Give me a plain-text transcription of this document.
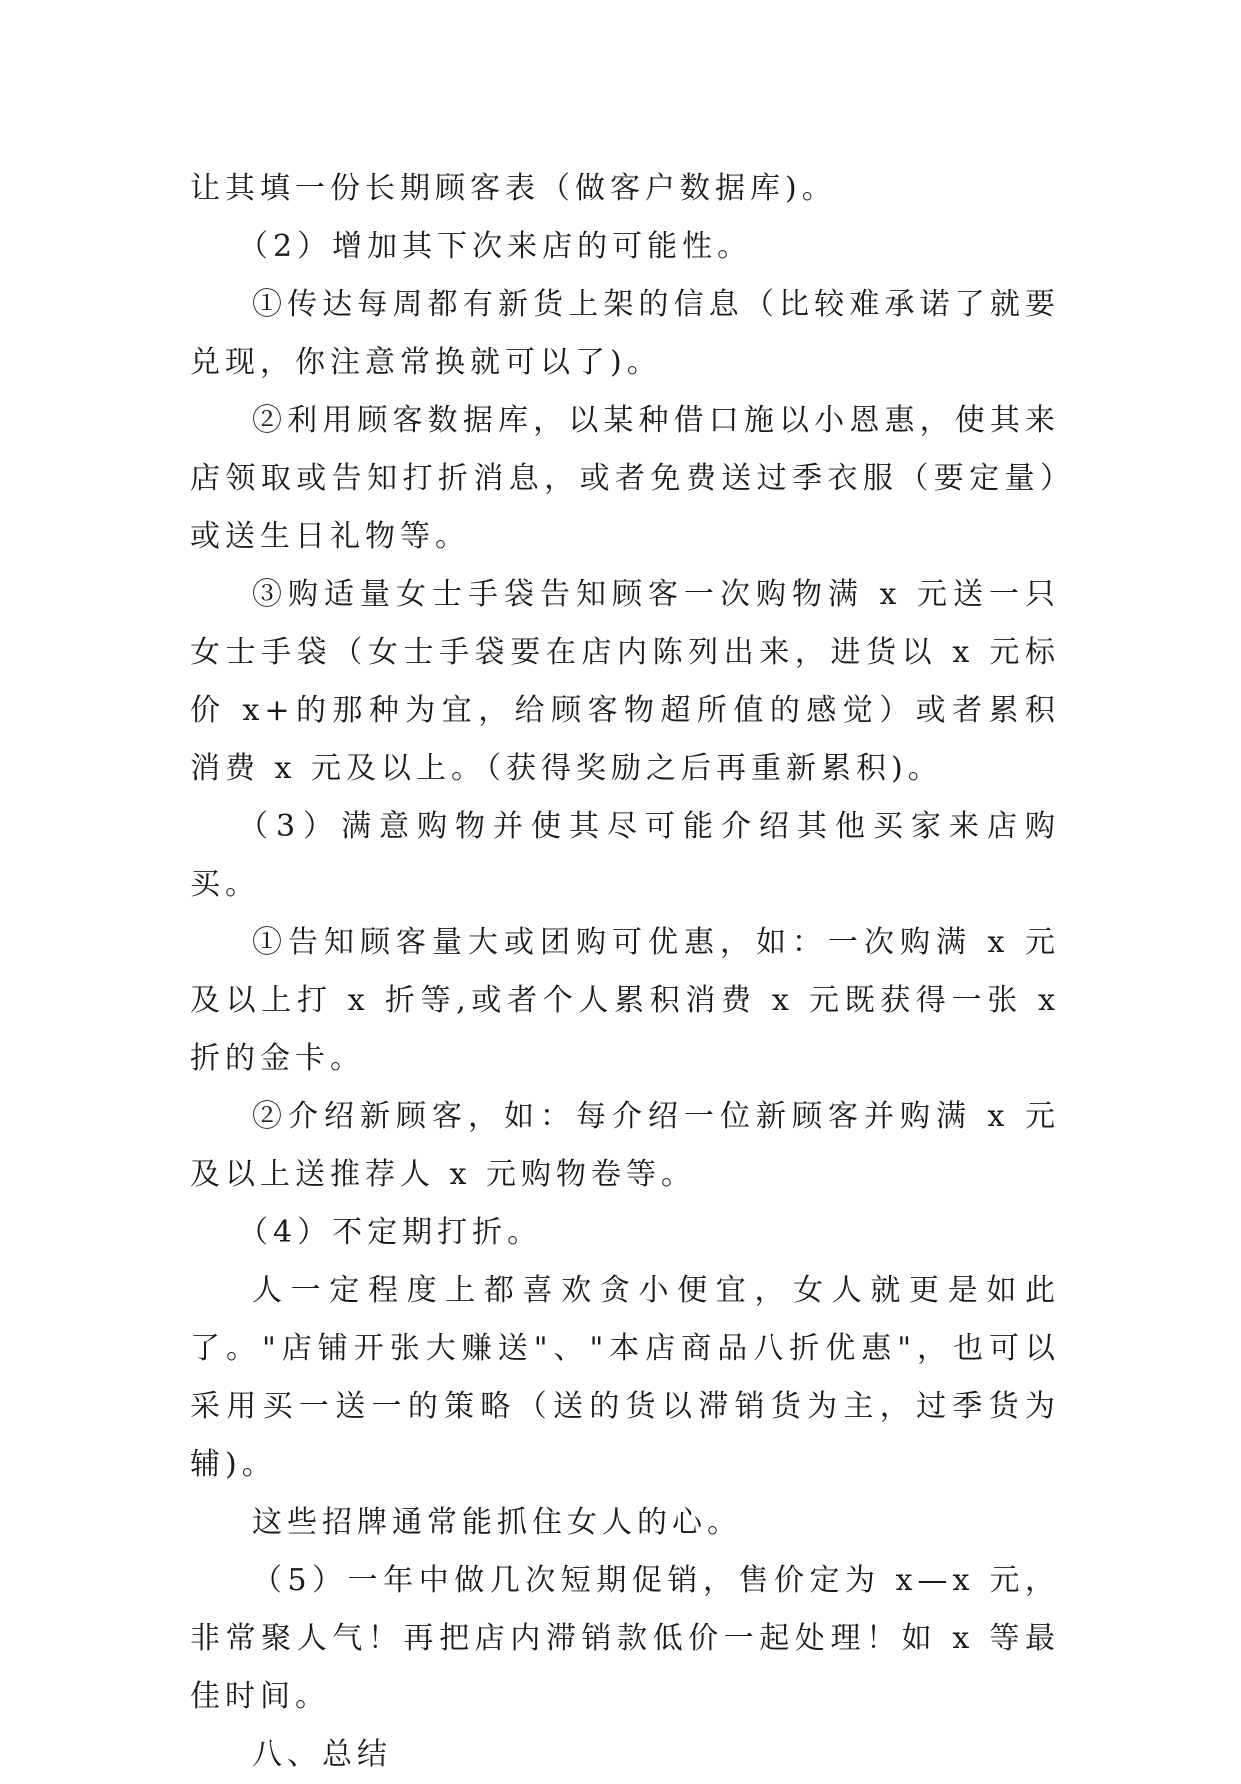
让其填一份长期顾客表（做客户数据库)。

（2）增加其下次来店的可能性。

①传达每周都有新货上架的信息（比较难承诺了就要兑现，你注意常换就可以了)。

②利用顾客数据库，以某种借口施以小恩惠，使其来店领取或告知打折消息，或者免费送过季衣服（要定量）或送生日礼物等。

③购适量女士手袋告知顾客一次购物满 x 元送一只女士手袋（女士手袋要在店内陈列出来，进货以 x 元标价 x+的那种为宜，给顾客物超所值的感觉）或者累积消费 x 元及以上。（获得奖励之后再重新累积)。

（3）满意购物并使其尽可能介绍其他买家来店购买。

①告知顾客量大或团购可优惠，如：一次购满 x 元及以上打 x 折等,或者个人累积消费 x 元既获得一张 x 折的金卡。

②介绍新顾客，如：每介绍一位新顾客并购满 x 元及以上送推荐人 x 元购物卷等。

（4）不定期打折。

人一定程度上都喜欢贪小便宜，女人就更是如此了。"店铺开张大赚送"、"本店商品八折优惠"，也可以采用买一送一的策略（送的货以滞销货为主，过季货为辅)。

这些招牌通常能抓住女人的心。

（5）一年中做几次短期促销，售价定为 x—x 元，非常聚人气！再把店内滞销款低价一起处理！如 x 等最佳时间。

八、总结
